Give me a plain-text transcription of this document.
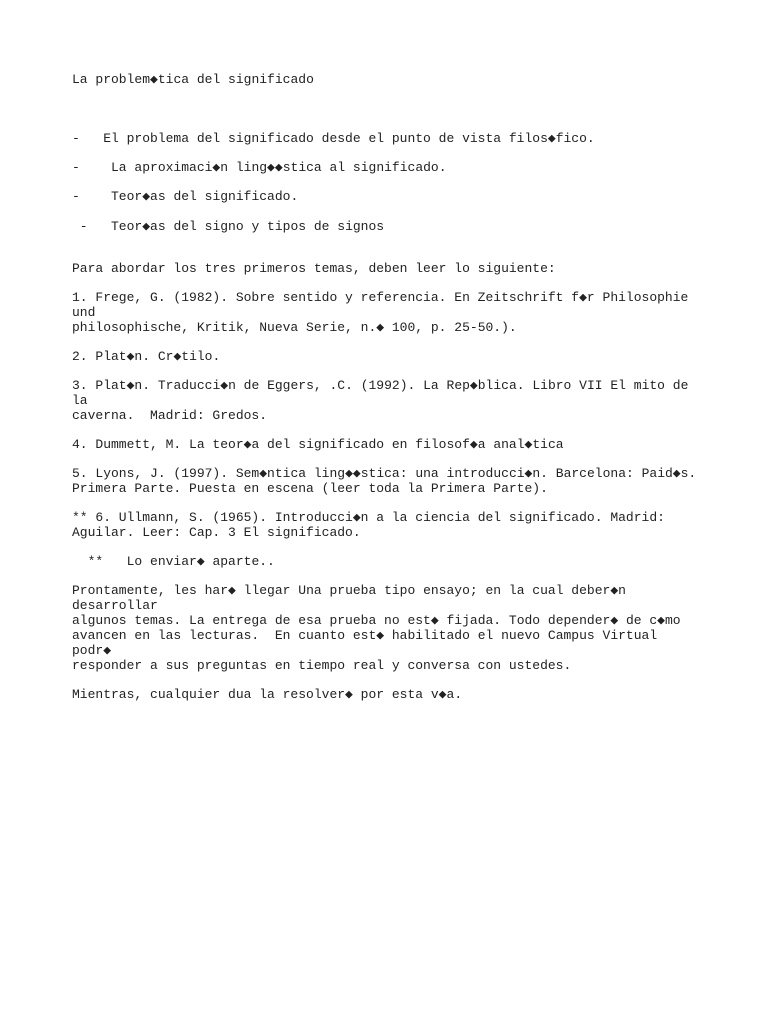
La problem◆tica del significado

-   El problema del significado desde el punto de vista filos◆fico.

-    La aproximaci◆n ling◆◆stica al significado.

-    Teor◆as del significado.

-   Teor◆as del signo y tipos de signos

Para abordar los tres primeros temas, deben leer lo siguiente:

1. Frege, G. (1982). Sobre sentido y referencia. En Zeitschrift f◆r Philosophie und
philosophische, Kritik, Nueva Serie, n.◆ 100, p. 25-50.).

2. Plat◆n. Cr◆tilo.

3. Plat◆n. Traducci◆n de Eggers, .C. (1992). La Rep◆blica. Libro VII El mito de la
caverna.  Madrid: Gredos.

4. Dummett, M. La teor◆a del significado en filosof◆a anal◆tica

5. Lyons, J. (1997). Sem◆ntica ling◆◆stica: una introducci◆n. Barcelona: Paid◆s.
Primera Parte. Puesta en escena (leer toda la Primera Parte).

** 6. Ullmann, S. (1965). Introducci◆n a la ciencia del significado. Madrid:
Aguilar. Leer: Cap. 3 El significado.

**   Lo enviar◆ aparte..

Prontamente, les har◆ llegar Una prueba tipo ensayo; en la cual deber◆n desarrollar
algunos temas. La entrega de esa prueba no est◆ fijada. Todo depender◆ de c◆mo
avancen en las lecturas.  En cuanto est◆ habilitado el nuevo Campus Virtual podr◆
responder a sus preguntas en tiempo real y conversa con ustedes.

Mientras, cualquier dua la resolver◆ por esta v◆a.
